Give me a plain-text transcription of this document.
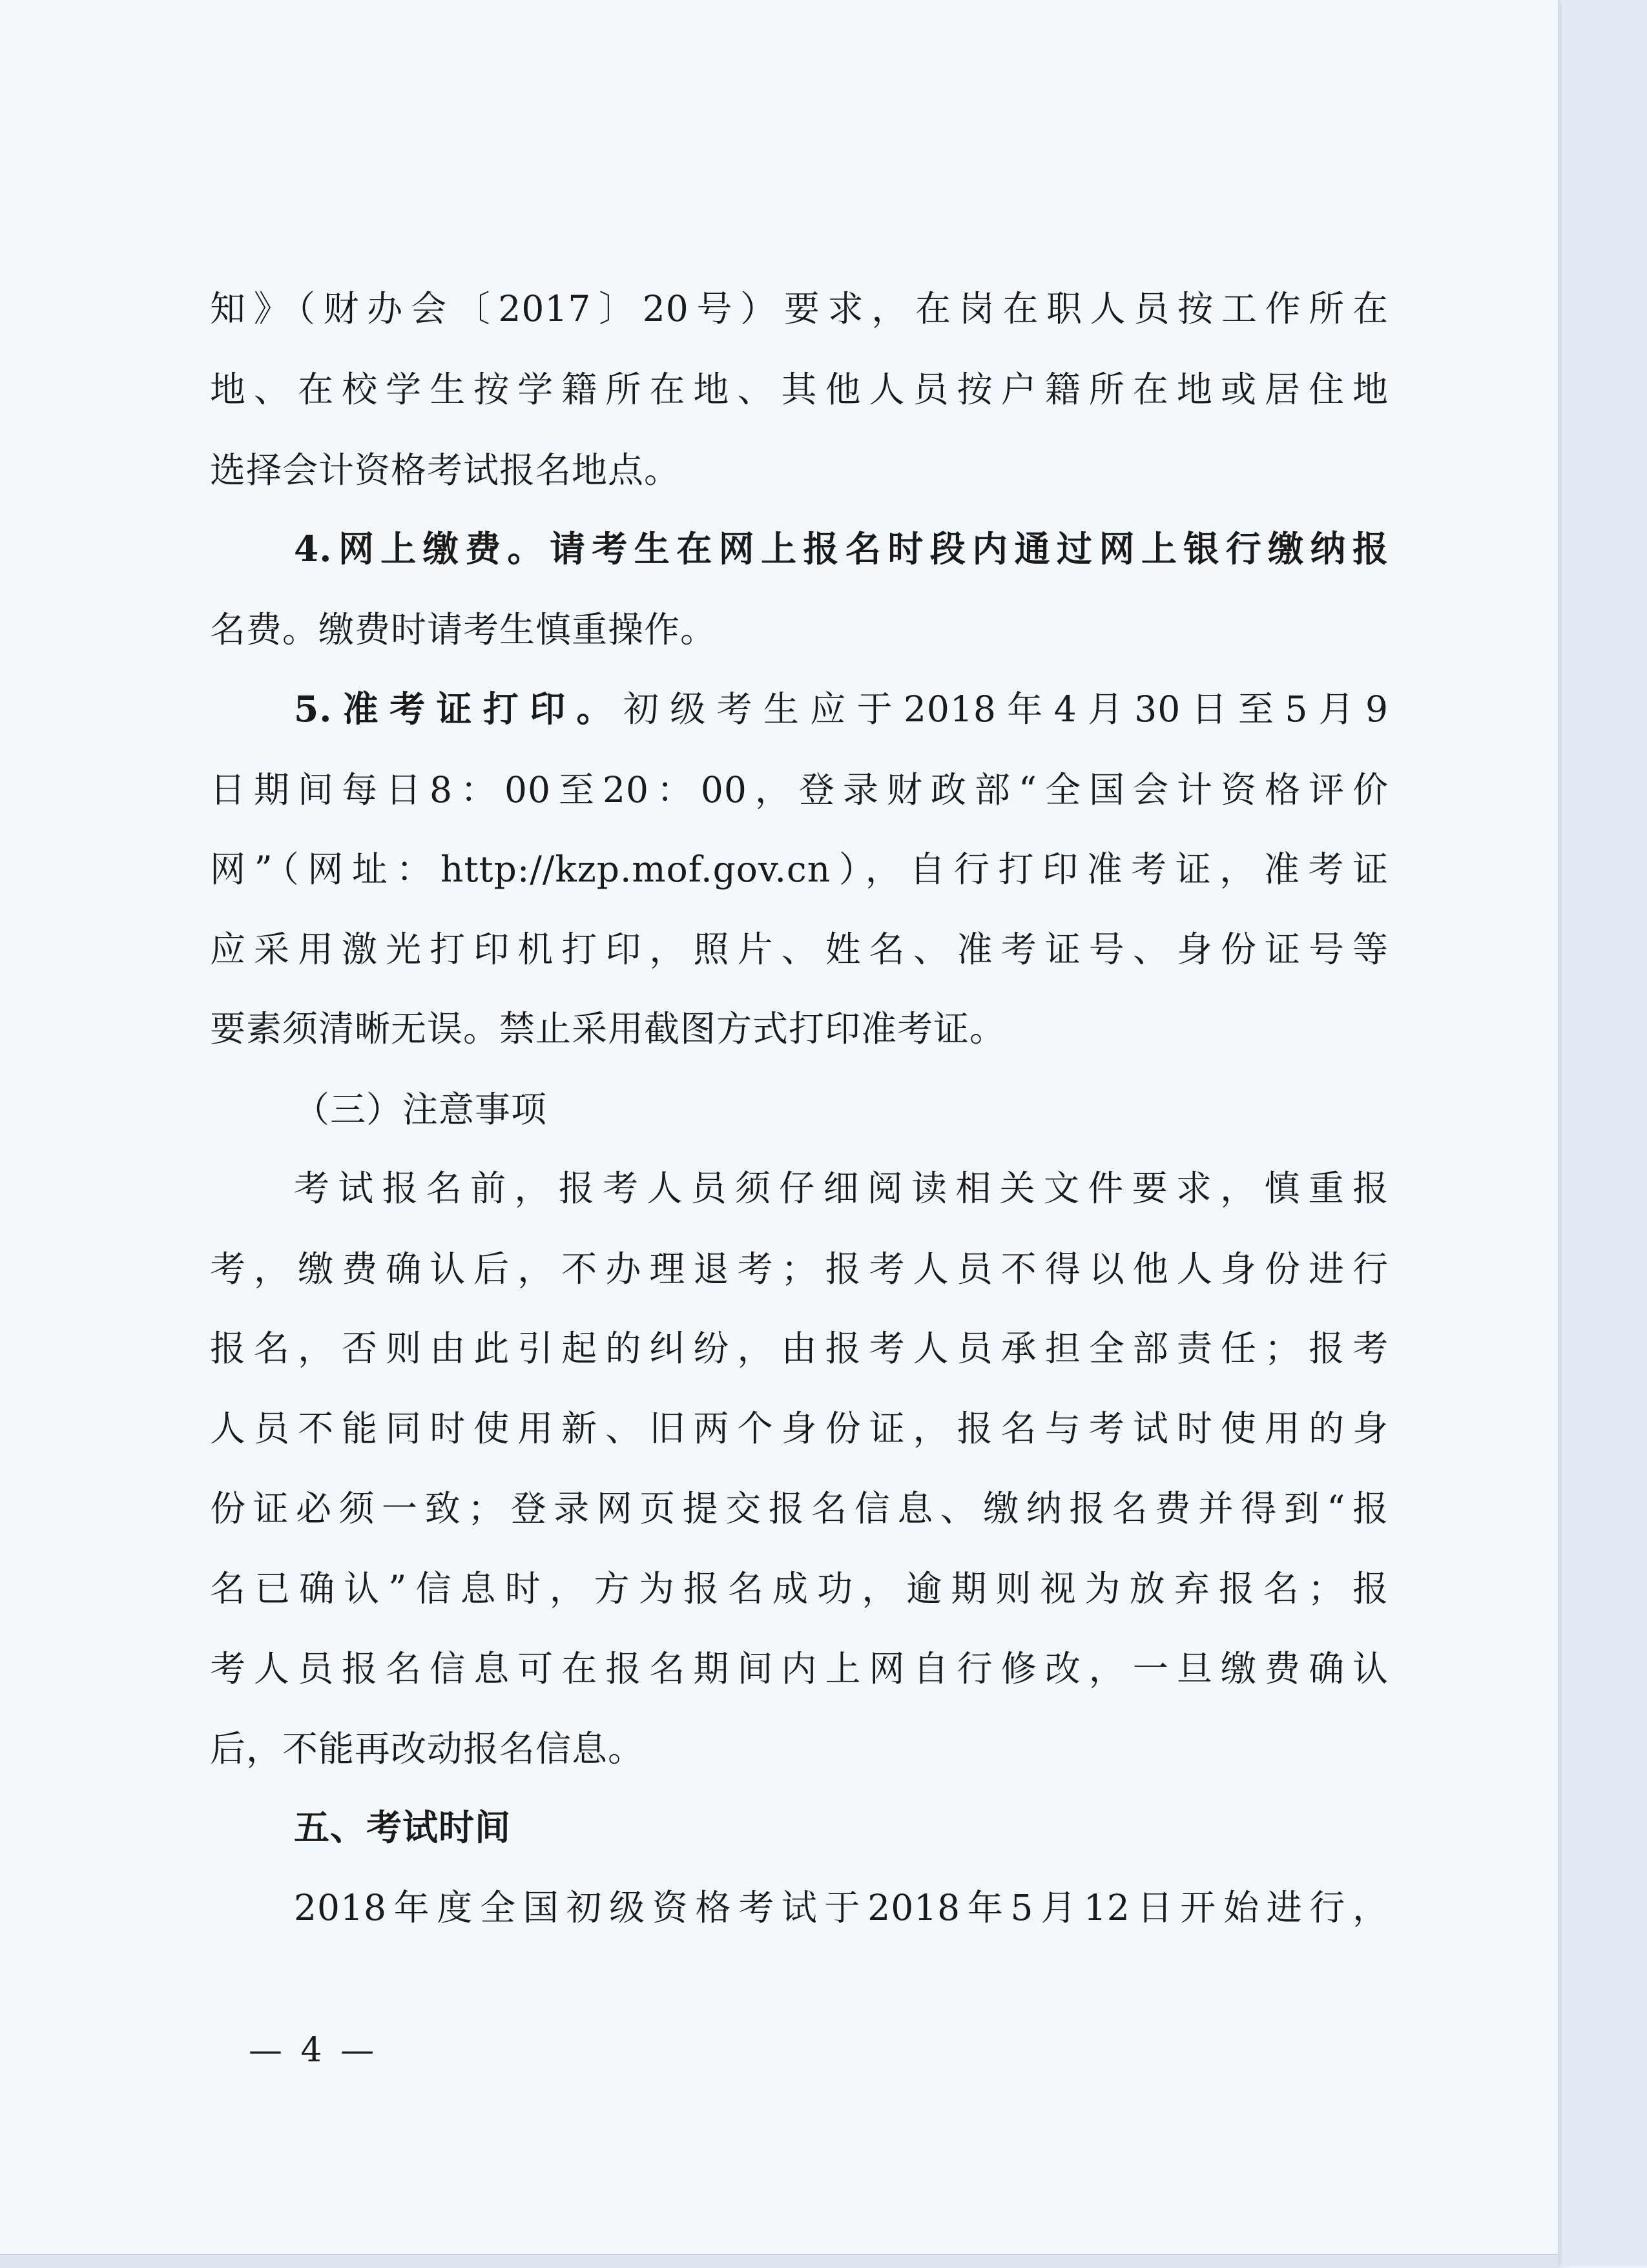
知》（财办会〔2017〕20号）要求，在岗在职人员按工作所在
地、在校学生按学籍所在地、其他人员按户籍所在地或居住地
选择会计资格考试报名地点。
4.网上缴费。请考生在网上报名时段内通过网上银行缴纳报
名费。缴费时请考生慎重操作。
5.准考证打印。初级考生应于2018年4月30日至5月9
日期间每日8：00至20：00，登录财政部“全国会计资格评价
网”（网址：http://kzp.mof.gov.cn），自行打印准考证，准考证
应采用激光打印机打印，照片、姓名、准考证号、身份证号等
要素须清晰无误。禁止采用截图方式打印准考证。
（三）注意事项
考试报名前，报考人员须仔细阅读相关文件要求，慎重报
考，缴费确认后，不办理退考；报考人员不得以他人身份进行
报名，否则由此引起的纠纷，由报考人员承担全部责任；报考
人员不能同时使用新、旧两个身份证，报名与考试时使用的身
份证必须一致；登录网页提交报名信息、缴纳报名费并得到“报
名已确认”信息时，方为报名成功，逾期则视为放弃报名；报
考人员报名信息可在报名期间内上网自行修改，一旦缴费确认
后，不能再改动报名信息。
五、考试时间
2018年度全国初级资格考试于2018年5月12日开始进行，
— 4 —
